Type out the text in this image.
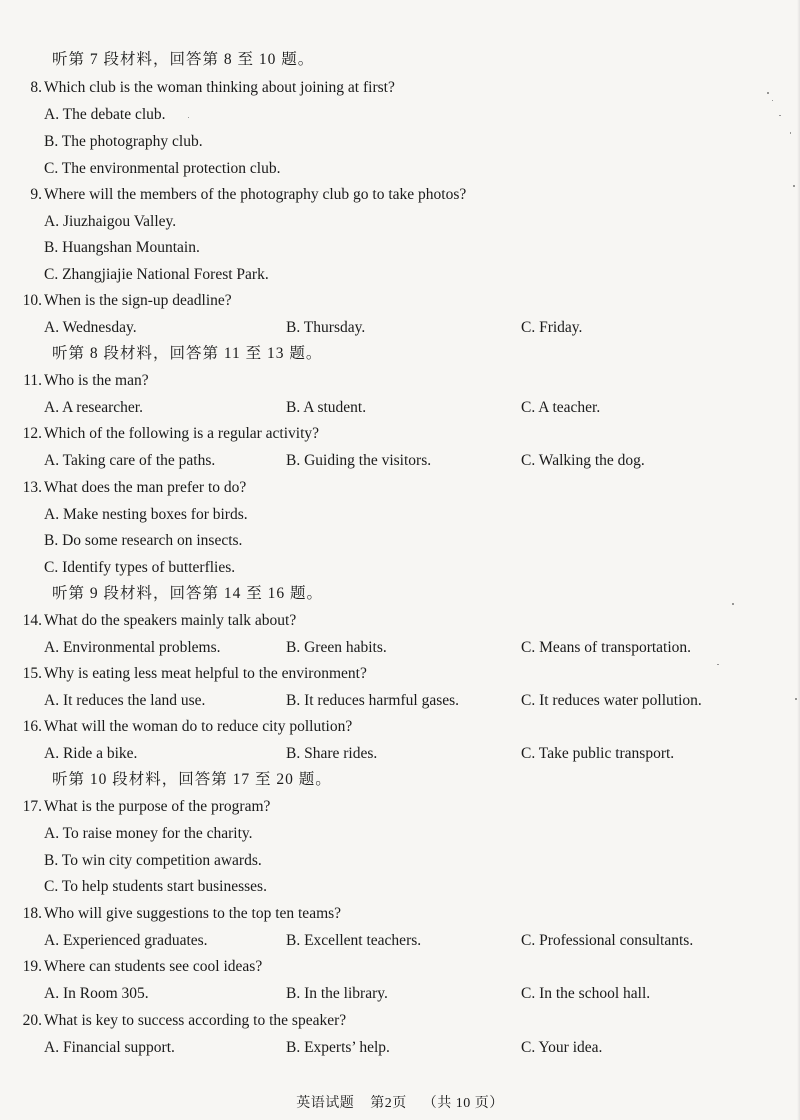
听第 7 段材料，回答第 8 至 10 题。
8. Which club is the woman thinking about joining at first?
A. The debate club.
B. The photography club.
C. The environmental protection club.
9. Where will the members of the photography club go to take photos?
A. Jiuzhaigou Valley.
B. Huangshan Mountain.
C. Zhangjiajie National Forest Park.
10. When is the sign-up deadline?
A. Wednesday.	B. Thursday.	C. Friday.
听第 8 段材料，回答第 11 至 13 题。
11. Who is the man?
A. A researcher.	B. A student.	C. A teacher.
12. Which of the following is a regular activity?
A. Taking care of the paths.	B. Guiding the visitors.	C. Walking the dog.
13. What does the man prefer to do?
A. Make nesting boxes for birds.
B. Do some research on insects.
C. Identify types of butterflies.
听第 9 段材料，回答第 14 至 16 题。
14. What do the speakers mainly talk about?
A. Environmental problems.	B. Green habits.	C. Means of transportation.
15. Why is eating less meat helpful to the environment?
A. It reduces the land use.	B. It reduces harmful gases.	C. It reduces water pollution.
16. What will the woman do to reduce city pollution?
A. Ride a bike.	B. Share rides.	C. Take public transport.
听第 10 段材料，回答第 17 至 20 题。
17. What is the purpose of the program?
A. To raise money for the charity.
B. To win city competition awards.
C. To help students start businesses.
18. Who will give suggestions to the top ten teams?
A. Experienced graduates.	B. Excellent teachers.	C. Professional consultants.
19. Where can students see cool ideas?
A. In Room 305.	B. In the library.	C. In the school hall.
20. What is key to success according to the speaker?
A. Financial support.	B. Experts’ help.	C. Your idea.
英语试题 第2页 （共 10 页）
